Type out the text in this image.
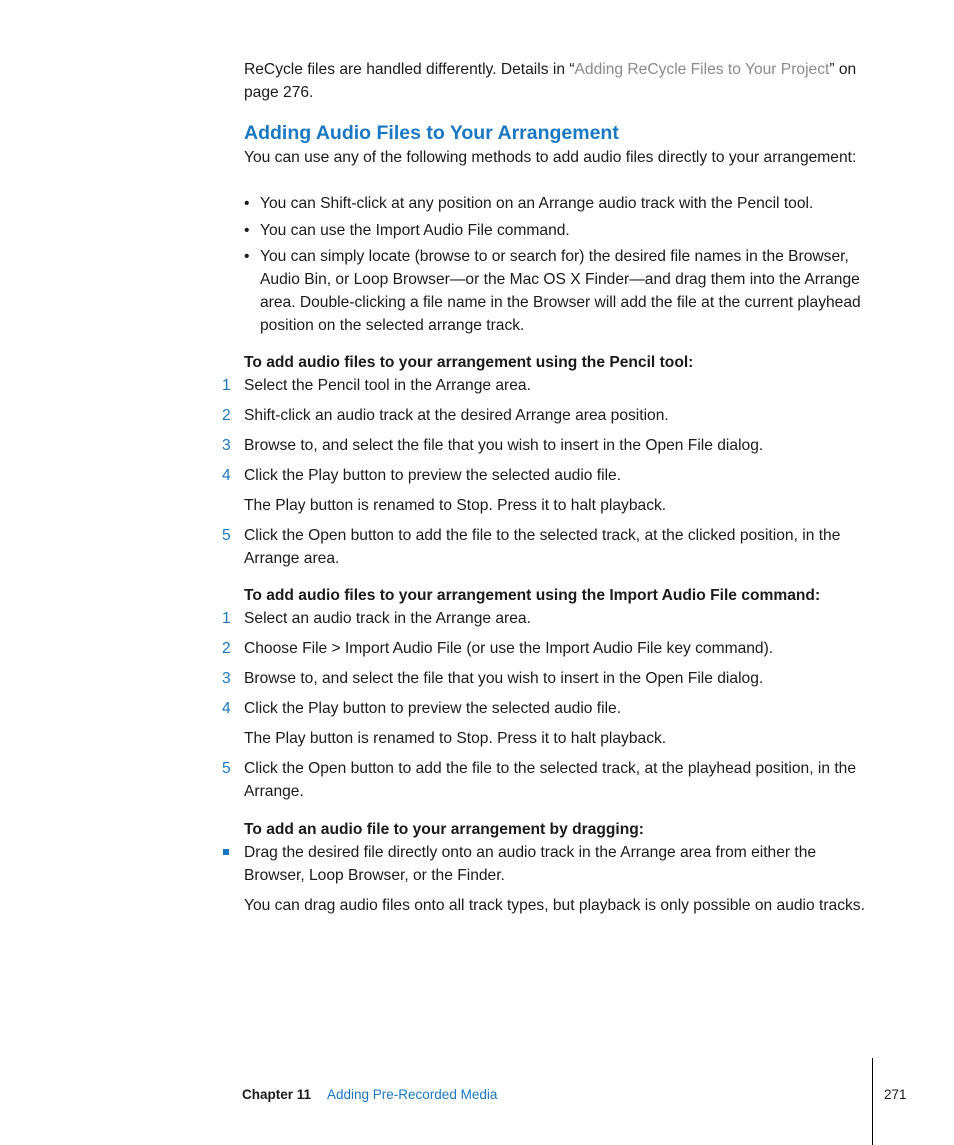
ReCycle files are handled differently. Details in “Adding ReCycle Files to Your Project” on page 276.

Adding Audio Files to Your Arrangement

You can use any of the following methods to add audio files directly to your arrangement:

• You can Shift-click at any position on an Arrange audio track with the Pencil tool.
• You can use the Import Audio File command.
• You can simply locate (browse to or search for) the desired file names in the Browser, Audio Bin, or Loop Browser—or the Mac OS X Finder—and drag them into the Arrange area. Double-clicking a file name in the Browser will add the file at the current playhead position on the selected arrange track.

To add audio files to your arrangement using the Pencil tool:

1 Select the Pencil tool in the Arrange area.
2 Shift-click an audio track at the desired Arrange area position.
3 Browse to, and select the file that you wish to insert in the Open File dialog.
4 Click the Play button to preview the selected audio file.

The Play button is renamed to Stop. Press it to halt playback.

5 Click the Open button to add the file to the selected track, at the clicked position, in the Arrange area.

To add audio files to your arrangement using the Import Audio File command:

1 Select an audio track in the Arrange area.
2 Choose File > Import Audio File (or use the Import Audio File key command).
3 Browse to, and select the file that you wish to insert in the Open File dialog.
4 Click the Play button to preview the selected audio file.

The Play button is renamed to Stop. Press it to halt playback.

5 Click the Open button to add the file to the selected track, at the playhead position, in the Arrange.

To add an audio file to your arrangement by dragging:

Drag the desired file directly onto an audio track in the Arrange area from either the Browser, Loop Browser, or the Finder.

You can drag audio files onto all track types, but playback is only possible on audio tracks.

Chapter 11 Adding Pre-Recorded Media	271
